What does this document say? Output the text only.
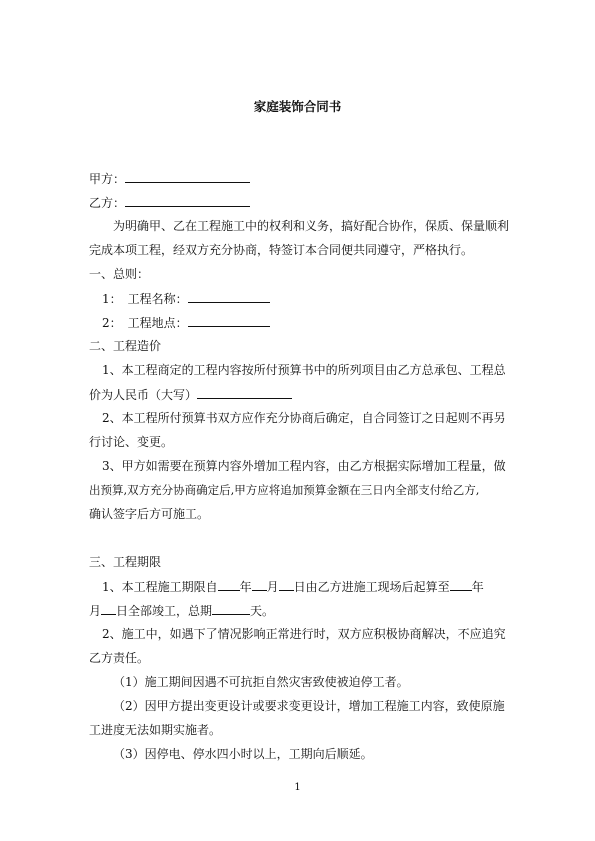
家庭装饰合同书
甲方：
乙方：
为明确甲、乙在工程施工中的权利和义务，搞好配合协作，保质、保量顺利
完成本项工程，经双方充分协商，特签订本合同便共同遵守，严格执行。
一、总则：
1：　工程名称：
2：　工程地点：
二、工程造价
1、本工程商定的工程内容按所付预算书中的所列项目由乙方总承包、工程总
价为人民币（大写）
2、本工程所付预算书双方应作充分协商后确定，自合同签订之日起则不再另
行讨论、变更。
3、甲方如需要在预算内容外增加工程内容，由乙方根据实际增加工程量，做
出预算,双方充分协商确定后,甲方应将追加预算金额在三日内全部支付给乙方,
确认签字后方可施工。
三、工程期限
1、本工程施工期限自 年 月 日由乙方进施工现场后起算至 年
月 日全部竣工，总期	天。
2、施工中，如遇下了情况影响正常进行时，双方应积极协商解决，不应追究
乙方责任。
（1）施工期间因遇不可抗拒自然灾害致使被迫停工者。
（2）因甲方提出变更设计或要求变更设计，增加工程施工内容，致使原施
工进度无法如期实施者。
（3）因停电、停水四小时以上，工期向后顺延。
1
